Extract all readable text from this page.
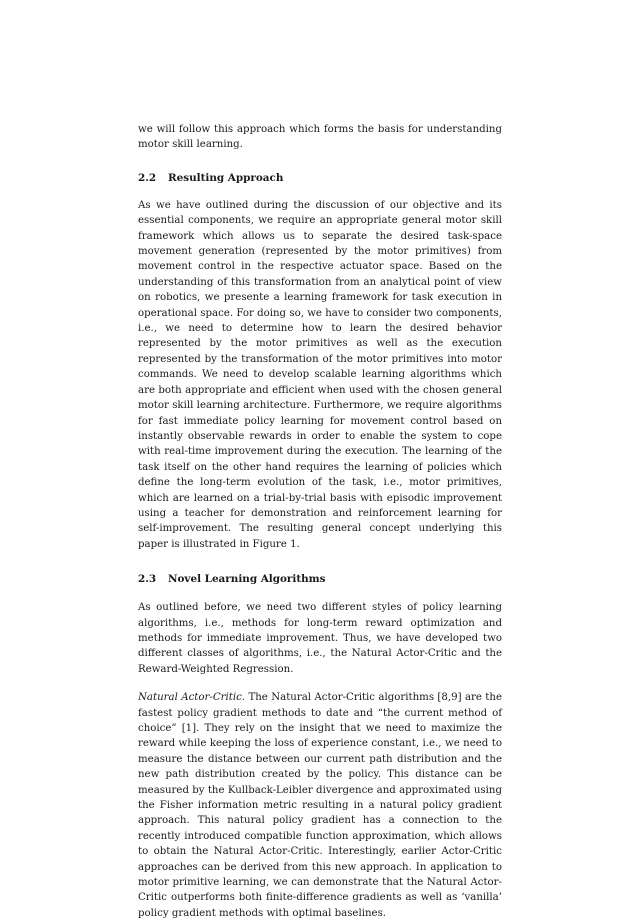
we will follow this approach which forms the basis for understanding motor skill learning.

2.2	Resulting Approach

As we have outlined during the discussion of our objective and its essential components, we require an appropriate general motor skill framework which allows us to separate the desired task-space movement generation (represented by the motor primitives) from movement control in the respective actuator space. Based on the understanding of this transformation from an analytical point of view on robotics, we presente a learning framework for task execution in operational space. For doing so, we have to consider two components, i.e., we need to determine how to learn the desired behavior represented by the motor primitives as well as the execution represented by the transformation of the motor primitives into motor commands. We need to develop scalable learning algorithms which are both appropriate and efficient when used with the chosen general motor skill learning architecture. Furthermore, we require algorithms for fast immediate policy learning for movement control based on instantly observable rewards in order to enable the system to cope with real-time improvement during the execution. The learning of the task itself on the other hand requires the learning of policies which define the long-term evolution of the task, i.e., motor primitives, which are learned on a trial-by-trial basis with episodic improvement using a teacher for demonstration and reinforcement learning for self-improvement. The resulting general concept underlying this paper is illustrated in Figure 1.

2.3	Novel Learning Algorithms

As outlined before, we need two different styles of policy learning algorithms, i.e., methods for long-term reward optimization and methods for immediate improvement. Thus, we have developed two different classes of algorithms, i.e., the Natural Actor-Critic and the Reward-Weighted Regression.

Natural Actor-Critic. The Natural Actor-Critic algorithms [8,9] are the fastest policy gradient methods to date and “the current method of choice” [1]. They rely on the insight that we need to maximize the reward while keeping the loss of experience constant, i.e., we need to measure the distance between our current path distribution and the new path distribution created by the policy. This distance can be measured by the Kullback-Leibler divergence and approximated using the Fisher information metric resulting in a natural policy gradient approach. This natural policy gradient has a connection to the recently introduced compatible function approximation, which allows to obtain the Natural Actor-Critic. Interestingly, earlier Actor-Critic approaches can be derived from this new approach. In application to motor primitive learning, we can demonstrate that the Natural Actor-Critic outperforms both finite-difference gradients as well as ‘vanilla’ policy gradient methods with optimal baselines.
